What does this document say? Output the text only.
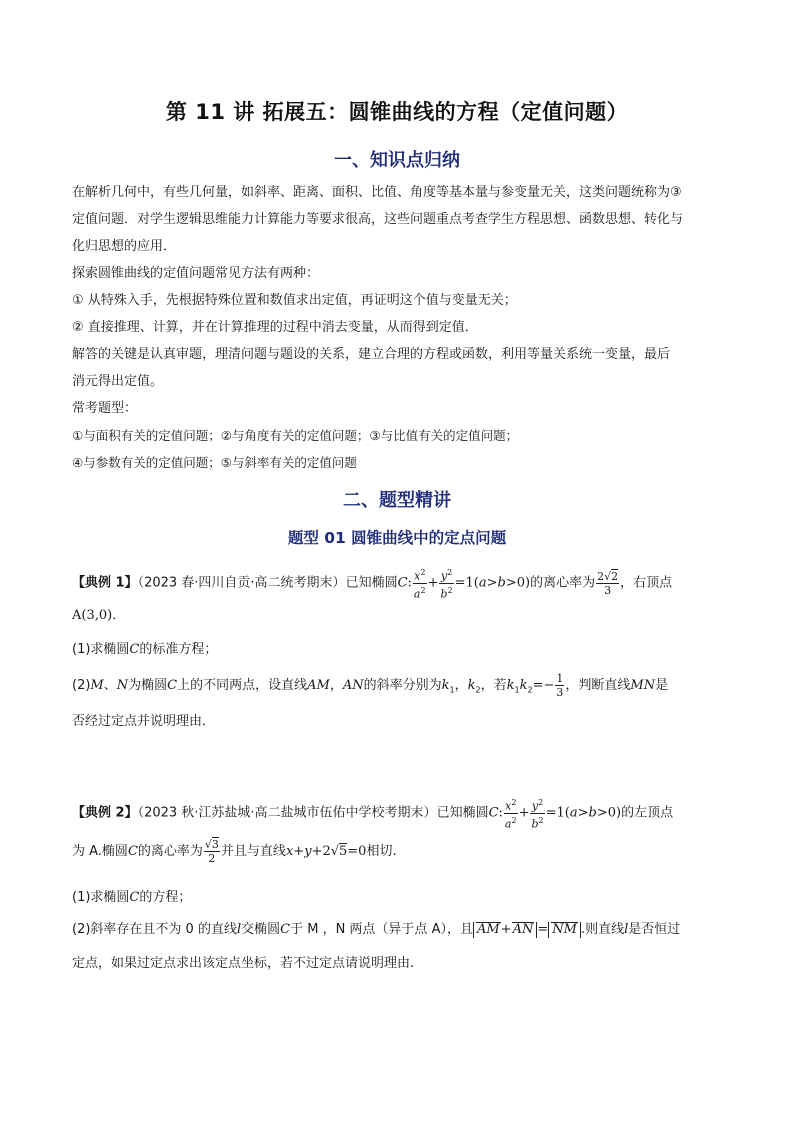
第 11 讲 拓展五：圆锥曲线的方程（定值问题）
一、知识点归纳
在解析几何中，有些几何量，如斜率、距离、面积、比值、角度等基本量与参变量无关，这类问题统称为③
定值问题．对学生逻辑思维能力计算能力等要求很高，这些问题重点考查学生方程思想、函数思想、转化与
化归思想的应用．
探索圆锥曲线的定值问题常见方法有两种：
① 从特殊入手，先根据特殊位置和数值求出定值，再证明这个值与变量无关；
② 直接推理、计算，并在计算推理的过程中消去变量，从而得到定值．
解答的关键是认真审题，理清问题与题设的关系，建立合理的方程或函数，利用等量关系统一变量，最后
消元得出定值。
常考题型：
①与面积有关的定值问题；②与角度有关的定值问题；③与比值有关的定值问题；
④与参数有关的定值问题；⑤与斜率有关的定值问题
二、题型精讲
题型 01 圆锥曲线中的定点问题
【典例 1】（2023 春·四川自贡·高二统考期末）已知椭圆C: $\frac{x^2}{a^2} + \frac{y^2}{b^2} =1(a>b>0)$的离心率为 $\frac{2√2}{3}$ ，右顶点
A(3,0)．
(1)求椭圆C的标准方程；
(2)M、N为椭圆C上的不同两点，设直线AM，AN的斜率分别为$k_1$，$k_2$，若$k_1k_2=- \frac{1}{3}$ ，判断直线MN是
否经过定点并说明理由．
【典例 2】（2023 秋·江苏盐城·高二盐城市伍佑中学校考期末）已知椭圆C: $\frac{x^2}{a^2} + \frac{y^2}{b^2} =1(a>b>0)$的左顶点
为 A.椭圆C的离心率为 $\frac{√3}{2}$ 并且与直线x+y+2√5=0相切.
(1)求椭圆C的方程；
(2)斜率存在且不为 0 的直线l交椭圆C于 M ，N 两点（异于点 A），且 AM+AN = NM .则直线l是否恒过
定点，如果过定点求出该定点坐标，若不过定点请说明理由.
